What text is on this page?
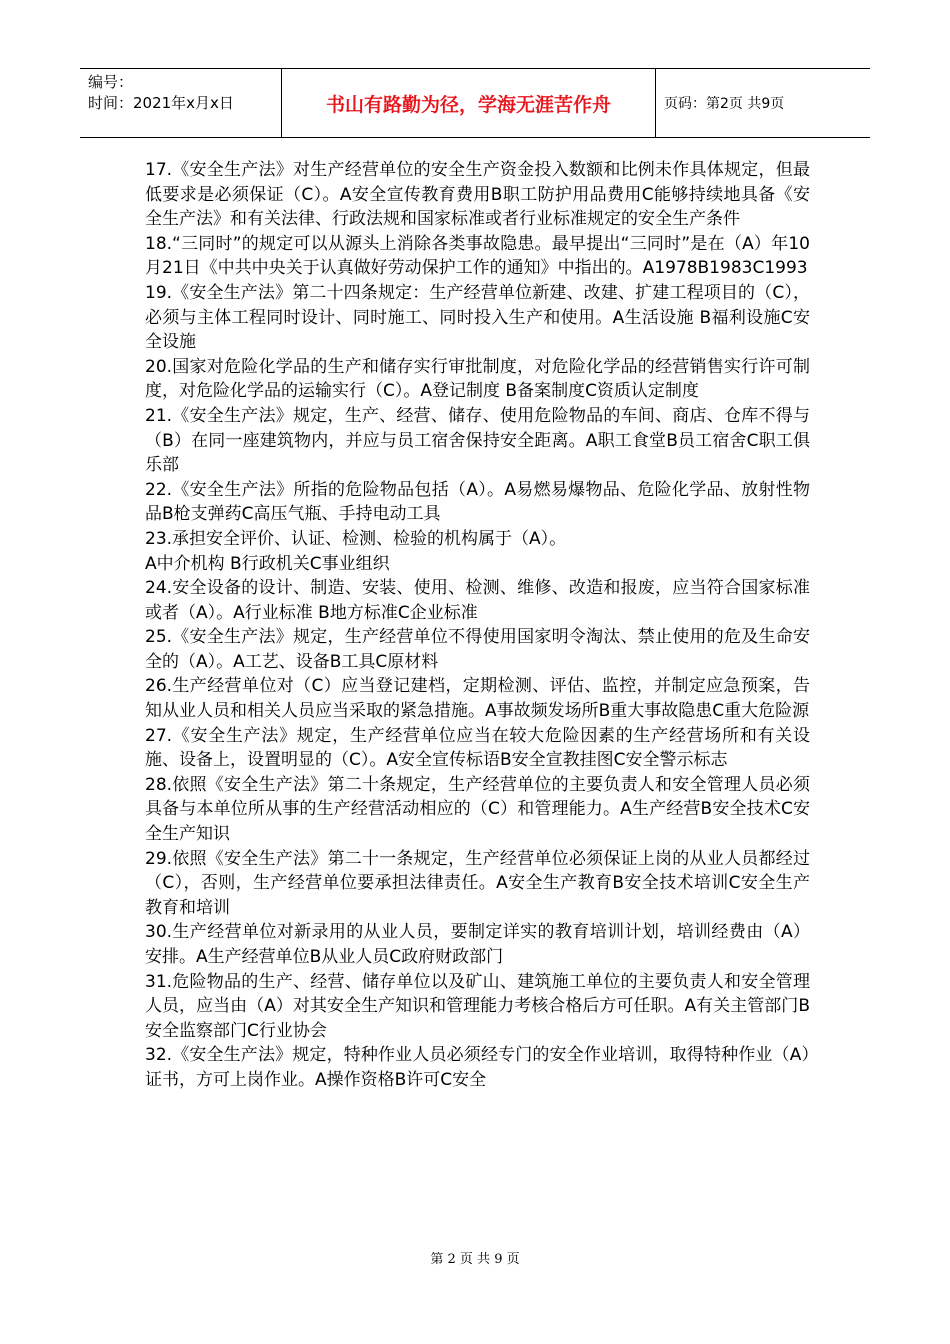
编号：
时间：2021年x月x日	书山有路勤为径，学海无涯苦作舟	页码：第2页 共9页

17.《安全生产法》对生产经营单位的安全生产资金投入数额和比例未作具体规定，但最低要求是必须保证（C）。A安全宣传教育费用B职工防护用品费用C能够持续地具备《安全生产法》和有关法律、行政法规和国家标准或者行业标准规定的安全生产条件

18.“三同时”的规定可以从源头上消除各类事故隐患。最早提出“三同时”是在（A）年10月21日《中共中央关于认真做好劳动保护工作的通知》中指出的。A1978B1983C1993

19.《安全生产法》第二十四条规定：生产经营单位新建、改建、扩建工程项目的（C），必须与主体工程同时设计、同时施工、同时投入生产和使用。A生活设施 B福利设施C安全设施

20.国家对危险化学品的生产和储存实行审批制度，对危险化学品的经营销售实行许可制度，对危险化学品的运输实行（C）。A登记制度 B备案制度C资质认定制度

21.《安全生产法》规定，生产、经营、储存、使用危险物品的车间、商店、仓库不得与（B）在同一座建筑物内，并应与员工宿舍保持安全距离。A职工食堂B员工宿舍C职工俱乐部

22.《安全生产法》所指的危险物品包括（A）。A易燃易爆物品、危险化学品、放射性物品B枪支弹药C高压气瓶、手持电动工具

23.承担安全评价、认证、检测、检验的机构属于（A）。

A中介机构 B行政机关C事业组织

24.安全设备的设计、制造、安装、使用、检测、维修、改造和报废，应当符合国家标准或者（A）。A行业标准 B地方标准C企业标准

25.《安全生产法》规定，生产经营单位不得使用国家明令淘汰、禁止使用的危及生命安全的（A）。A工艺、设备B工具C原材料

26.生产经营单位对（C）应当登记建档，定期检测、评估、监控，并制定应急预案，告知从业人员和相关人员应当采取的紧急措施。A事故频发场所B重大事故隐患C重大危险源

27.《安全生产法》规定，生产经营单位应当在较大危险因素的生产经营场所和有关设施、设备上，设置明显的（C）。A安全宣传标语B安全宣教挂图C安全警示标志

28.依照《安全生产法》第二十条规定，生产经营单位的主要负责人和安全管理人员必须具备与本单位所从事的生产经营活动相应的（C）和管理能力。A生产经营B安全技术C安全生产知识

29.依照《安全生产法》第二十一条规定，生产经营单位必须保证上岗的从业人员都经过（C），否则，生产经营单位要承担法律责任。A安全生产教育B安全技术培训C安全生产教育和培训

30.生产经营单位对新录用的从业人员，要制定详实的教育培训计划，培训经费由（A）安排。A生产经营单位B从业人员C政府财政部门

31.危险物品的生产、经营、储存单位以及矿山、建筑施工单位的主要负责人和安全管理人员，应当由（A）对其安全生产知识和管理能力考核合格后方可任职。A有关主管部门B安全监察部门C行业协会

32.《安全生产法》规定，特种作业人员必须经专门的安全作业培训，取得特种作业（A）证书，方可上岗作业。A操作资格B许可C安全

第 2 页 共 9 页
